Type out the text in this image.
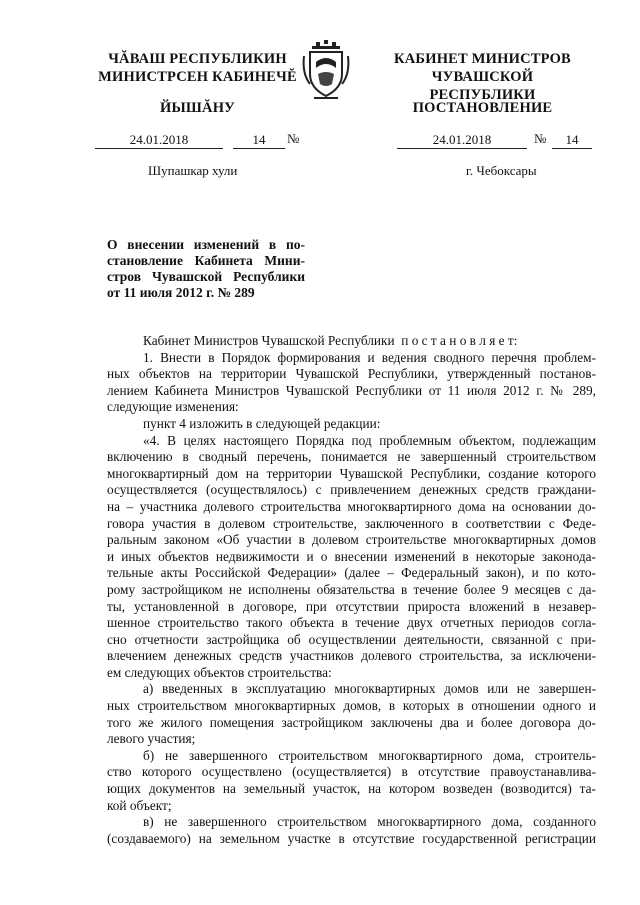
ЧĂВАШ РЕСПУБЛИКИН
МИНИСТРСЕН КАБИНЕЧĔ
ЙЫШĂНУ
КАБИНЕТ МИНИСТРОВ
ЧУВАШСКОЙ РЕСПУБЛИКИ
ПОСТАНОВЛЕНИЕ
24.01.2018	14	№	24.01.2018	№	14
Шупашкар хули	г. Чебоксары
О внесении изменений в по-
становление Кабинета Мини-
стров Чувашской Республики
от 11 июля 2012 г. № 289
Кабинет Министров Чувашской Республики п о с т а н о в л я е т:
1. Внести в Порядок формирования и ведения сводного перечня проблем-
ных объектов на территории Чувашской Республики, утвержденный постанов-
лением Кабинета Министров Чувашской Республики от 11 июля 2012 г. № 289,
следующие изменения:
пункт 4 изложить в следующей редакции:
«4. В целях настоящего Порядка под проблемным объектом, подлежащим
включению в сводный перечень, понимается не завершенный строительством
многоквартирный дом на территории Чувашской Республики, создание которого
осуществляется (осуществлялось) с привлечением денежных средств граждани-
на – участника долевого строительства многоквартирного дома на основании до-
говора участия в долевом строительстве, заключенного в соответствии с Феде-
ральным законом «Об участии в долевом строительстве многоквартирных домов
и иных объектов недвижимости и о внесении изменений в некоторые законода-
тельные акты Российской Федерации» (далее – Федеральный закон), и по кото-
рому застройщиком не исполнены обязательства в течение более 9 месяцев с да-
ты, установленной в договоре, при отсутствии прироста вложений в незавер-
шенное строительство такого объекта в течение двух отчетных периодов согла-
сно отчетности застройщика об осуществлении деятельности, связанной с при-
влечением денежных средств участников долевого строительства, за исключени-
ем следующих объектов строительства:
а) введенных в эксплуатацию многоквартирных домов или не завершен-
ных строительством многоквартирных домов, в которых в отношении одного и
того же жилого помещения застройщиком заключены два и более договора до-
левого участия;
б) не завершенного строительством многоквартирного дома, строитель-
ство которого осуществлено (осуществляется) в отсутствие правоустанавлива-
ющих документов на земельный участок, на котором возведен (возводится) та-
кой объект;
в) не завершенного строительством многоквартирного дома, созданного
(создаваемого) на земельном участке в отсутствие государственной регистрации
